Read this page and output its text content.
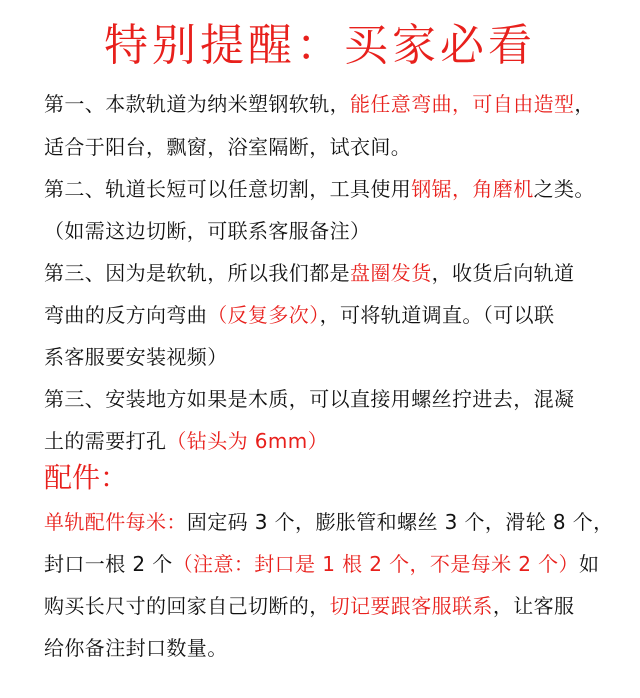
特别提醒：买家必看
第一、本款轨道为纳米塑钢软轨，能任意弯曲，可自由造型，
适合于阳台，飘窗，浴室隔断，试衣间。
第二、轨道长短可以任意切割，工具使用钢锯，角磨机之类。
（如需这边切断，可联系客服备注）
第三、因为是软轨，所以我们都是盘圈发货，收货后向轨道
弯曲的反方向弯曲（反复多次），可将轨道调直。（可以联
系客服要安装视频）
第三、安装地方如果是木质，可以直接用螺丝拧进去，混凝
土的需要打孔（钻头为 6mm）
配件：
单轨配件每米：固定码 3 个，膨胀管和螺丝 3 个，滑轮 8 个，
封口一根 2 个（注意：封口是 1 根 2 个，不是每米 2 个）如
购买长尺寸的回家自己切断的，切记要跟客服联系，让客服
给你备注封口数量。
